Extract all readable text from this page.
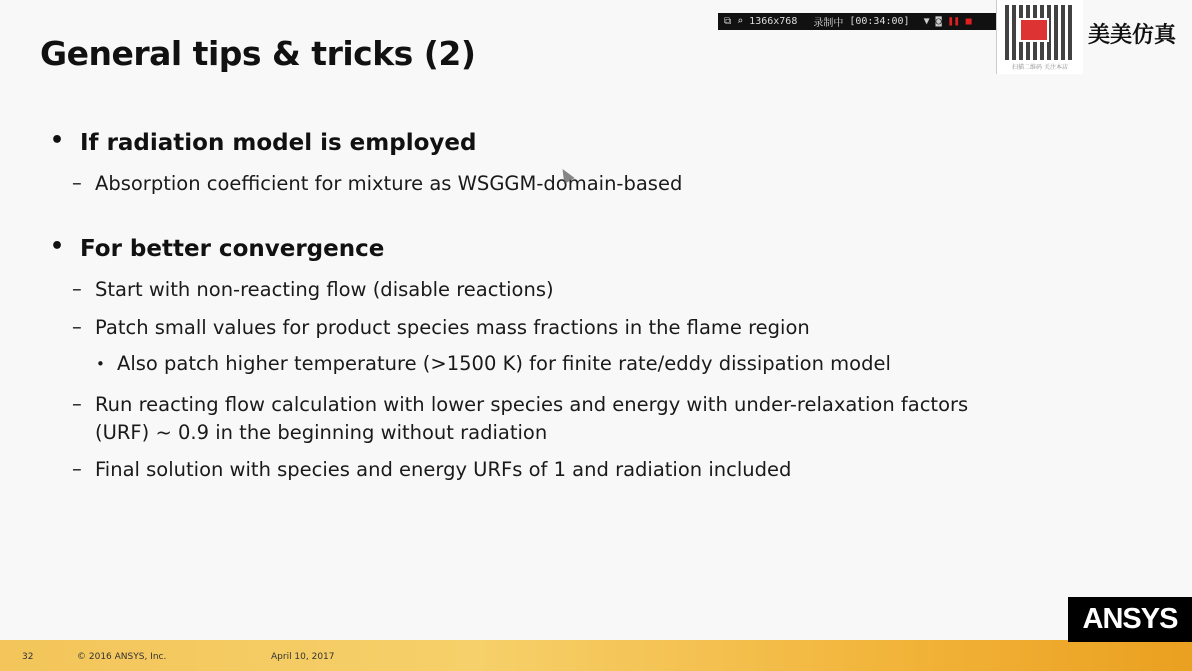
General tips & tricks (2)
• If radiation model is employed
– Absorption coefficient for mixture as WSGGM-domain-based
• For better convergence
– Start with non-reacting flow (disable reactions)
– Patch small values for product species mass fractions in the flame region
• Also patch higher temperature (>1500 K) for finite rate/eddy dissipation model
– Run reacting flow calculation with lower species and energy with under-relaxation factors
(URF) ~ 0.9 in the beginning without radiation
– Final solution with species and energy URFs of 1 and radiation included
⧉ ⌕ 1366x768 录制中 [00:34:00] ▼ ◙ ❚❚ ■
扫描二维码 关注本店
美美仿真
32	© 2016 ANSYS, Inc.	April 10, 2017
ANSYS
